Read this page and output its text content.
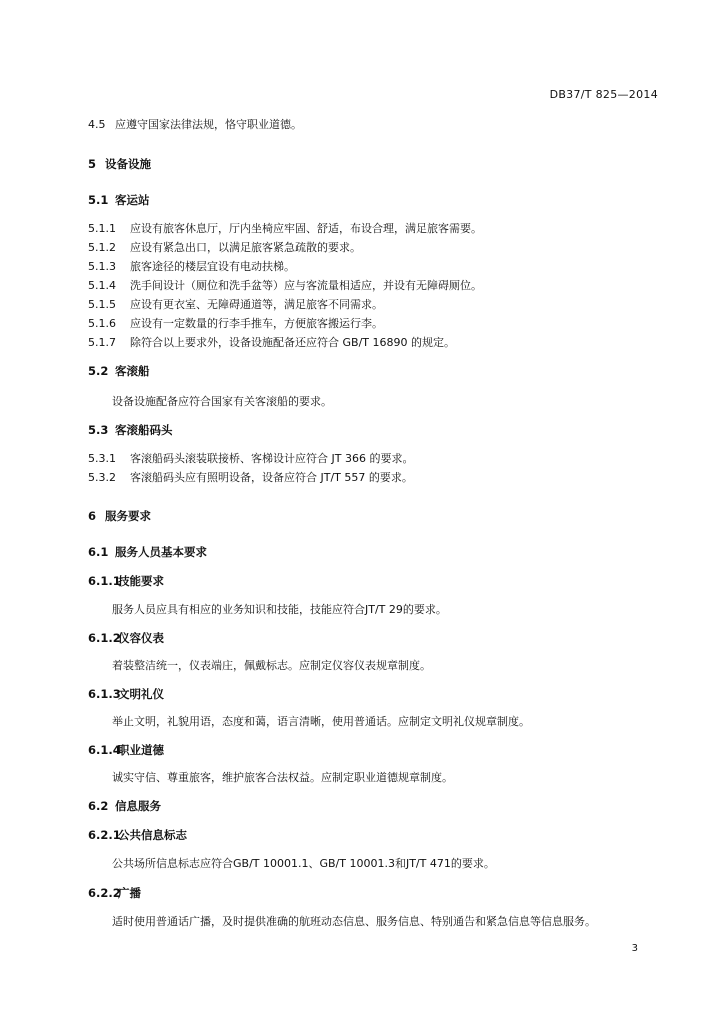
DB37/T 825—2014
4.5 应遵守国家法律法规，恪守职业道德。
5 设备设施
5.1 客运站
5.1.1 应设有旅客休息厅，厅内坐椅应牢固、舒适，布设合理，满足旅客需要。
5.1.2 应设有紧急出口，以满足旅客紧急疏散的要求。
5.1.3 旅客途径的楼层宜设有电动扶梯。
5.1.4 洗手间设计（厕位和洗手盆等）应与客流量相适应，并设有无障碍厕位。
5.1.5 应设有更衣室、无障碍通道等，满足旅客不同需求。
5.1.6 应设有一定数量的行李手推车，方便旅客搬运行李。
5.1.7 除符合以上要求外，设备设施配备还应符合 GB/T 16890 的规定。
5.2 客滚船
设备设施配备应符合国家有关客滚船的要求。
5.3 客滚船码头
5.3.1 客滚船码头滚装联接桥、客梯设计应符合 JT 366 的要求。
5.3.2 客滚船码头应有照明设备，设备应符合 JT/T 557 的要求。
6 服务要求
6.1 服务人员基本要求
6.1.1技能要求
服务人员应具有相应的业务知识和技能，技能应符合JT/T 29的要求。
6.1.2仪容仪表
着装整洁统一，仪表端庄，佩戴标志。应制定仪容仪表规章制度。
6.1.3文明礼仪
举止文明，礼貌用语，态度和蔼，语言清晰，使用普通话。应制定文明礼仪规章制度。
6.1.4职业道德
诚实守信、尊重旅客，维护旅客合法权益。应制定职业道德规章制度。
6.2 信息服务
6.2.1公共信息标志
公共场所信息标志应符合GB/T 10001.1、GB/T 10001.3和JT/T 471的要求。
6.2.2广播
适时使用普通话广播，及时提供准确的航班动态信息、服务信息、特别通告和紧急信息等信息服务。
3
